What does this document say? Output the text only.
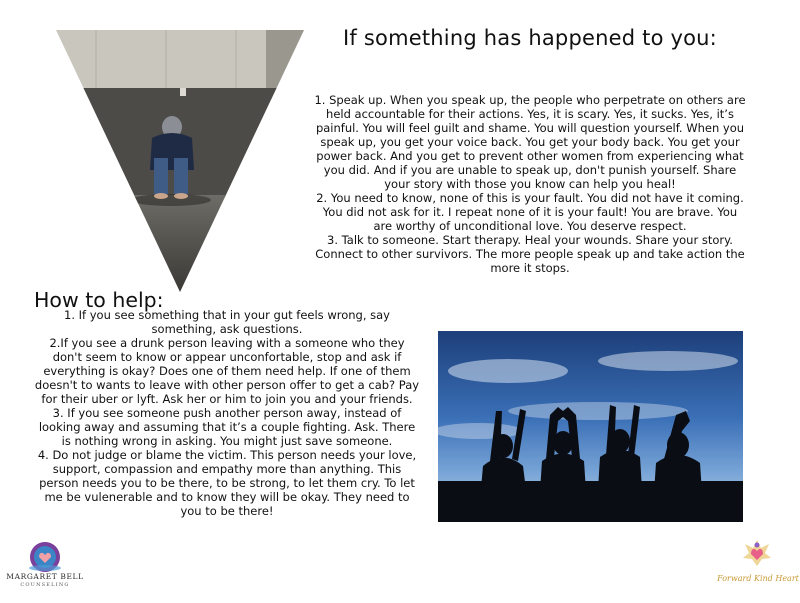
If something has happened to you:

1. Speak up. When you speak up, the people who perpetrate on others are held accountable for their actions. Yes, it is scary. Yes, it sucks. Yes, it’s painful. You will feel guilt and shame. You will question yourself. When you speak up, you get your voice back. You get your body back. You get your power back. And you get to prevent other women from experiencing what you did. And if you are unable to speak up, don't punish yourself. Share your story with those you know can help you heal!

2. You need to know, none of this is your fault. You did not have it coming. You did not ask for it. I repeat none of it is your fault! You are brave. You are worthy of unconditional love. You deserve respect.

3. Talk to someone. Start therapy. Heal your wounds. Share your story. Connect to other survivors. The more people speak up and take action the more it stops.

How to help:

1. If you see something that in your gut feels wrong, say something, ask questions.

2.If you see a drunk person leaving with a someone who they don't seem to know or appear unconfortable, stop and ask if everything is okay? Does one of them need help. If one of them doesn't to wants to leave with other person offer to get a cab? Pay for their uber or lyft. Ask her or him to join you and your friends.

3. If you see someone push another person away, instead of looking away and assuming that it’s a couple fighting. Ask. There is nothing wrong in asking. You might just save someone.

4. Do not judge or blame the victim. This person needs your love, support, compassion and empathy more than anything. This person needs you to be there, to be strong, to let them cry. To let me be vulenerable and to know they will be okay. They need to you to be there!

MARGARET BELL
COUNSELING
Forward Kind Heart
